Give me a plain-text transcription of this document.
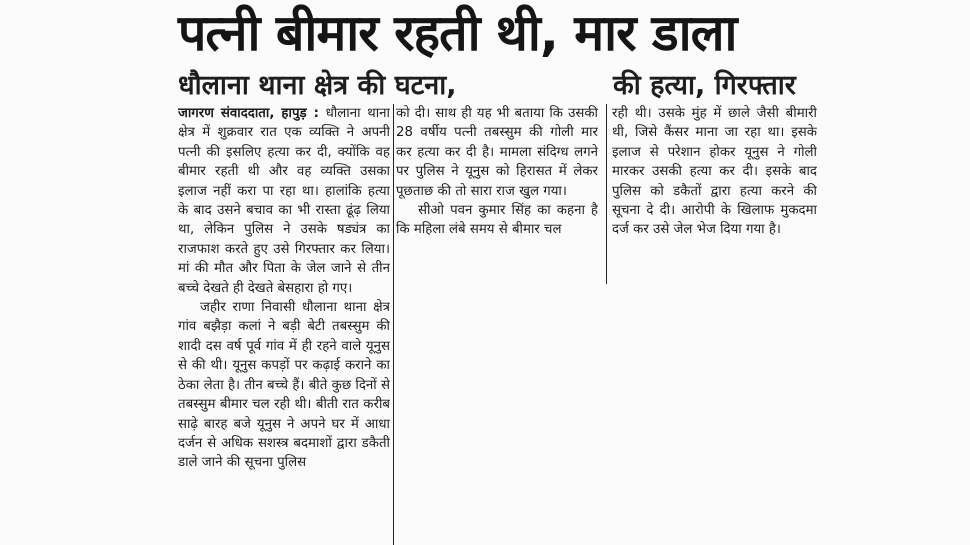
पत्नी बीमार रहती थी, मार डाला
धौलाना थाना क्षेत्र की घटना,	की हत्या, गिरफ्तार

जागरण संवाददाता, हापुड़ : धौलाना थाना क्षेत्र में शुक्रवार रात एक व्यक्ति ने अपनी पत्नी की इसलिए हत्या कर दी, क्योंकि वह बीमार रहती थी और वह व्यक्ति उसका इलाज नहीं करा पा रहा था। हालांकि हत्या के बाद उसने बचाव का भी रास्ता ढूंढ़ लिया था, लेकिन पुलिस ने उसके षड्यंत्र का राजफाश करते हुए उसे गिरफ्तार कर लिया। मां की मौत और पिता के जेल जाने से तीन बच्चे देखते ही देखते बेसहारा हो गए।

जहीर राणा निवासी धौलाना थाना क्षेत्र गांव बझैड़ा कलां ने बड़ी बेटी तबस्सुम की शादी दस वर्ष पूर्व गांव में ही रहने वाले यूनुस से की थी। यूनुस कपड़ों पर कढ़ाई कराने का ठेका लेता है। तीन बच्चे हैं। बीते कुछ दिनों से तबस्सुम बीमार चल रही थी। बीती रात करीब साढ़े बारह बजे यूनुस ने अपने घर में आधा दर्जन से अधिक सशस्त्र बदमाशों द्वारा डकैती डाले जाने की सूचना पुलिस

को दी। साथ ही यह भी बताया कि उसकी 28 वर्षीय पत्नी तबस्सुम की गोली मार कर हत्या कर दी है। मामला संदिग्ध लगने पर पुलिस ने यूनुस को हिरासत में लेकर पूछताछ की तो सारा राज खुल गया।

सीओ पवन कुमार सिंह का कहना है कि महिला लंबे समय से बीमार चल

रही थी। उसके मुंह में छाले जैसी बीमारी थी, जिसे कैंसर माना जा रहा था। इसके इलाज से परेशान होकर यूनुस ने गोली मारकर उसकी हत्या कर दी। इसके बाद पुलिस को डकैतों द्वारा हत्या करने की सूचना दे दी। आरोपी के खिलाफ मुकदमा दर्ज कर उसे जेल भेज दिया गया है।
